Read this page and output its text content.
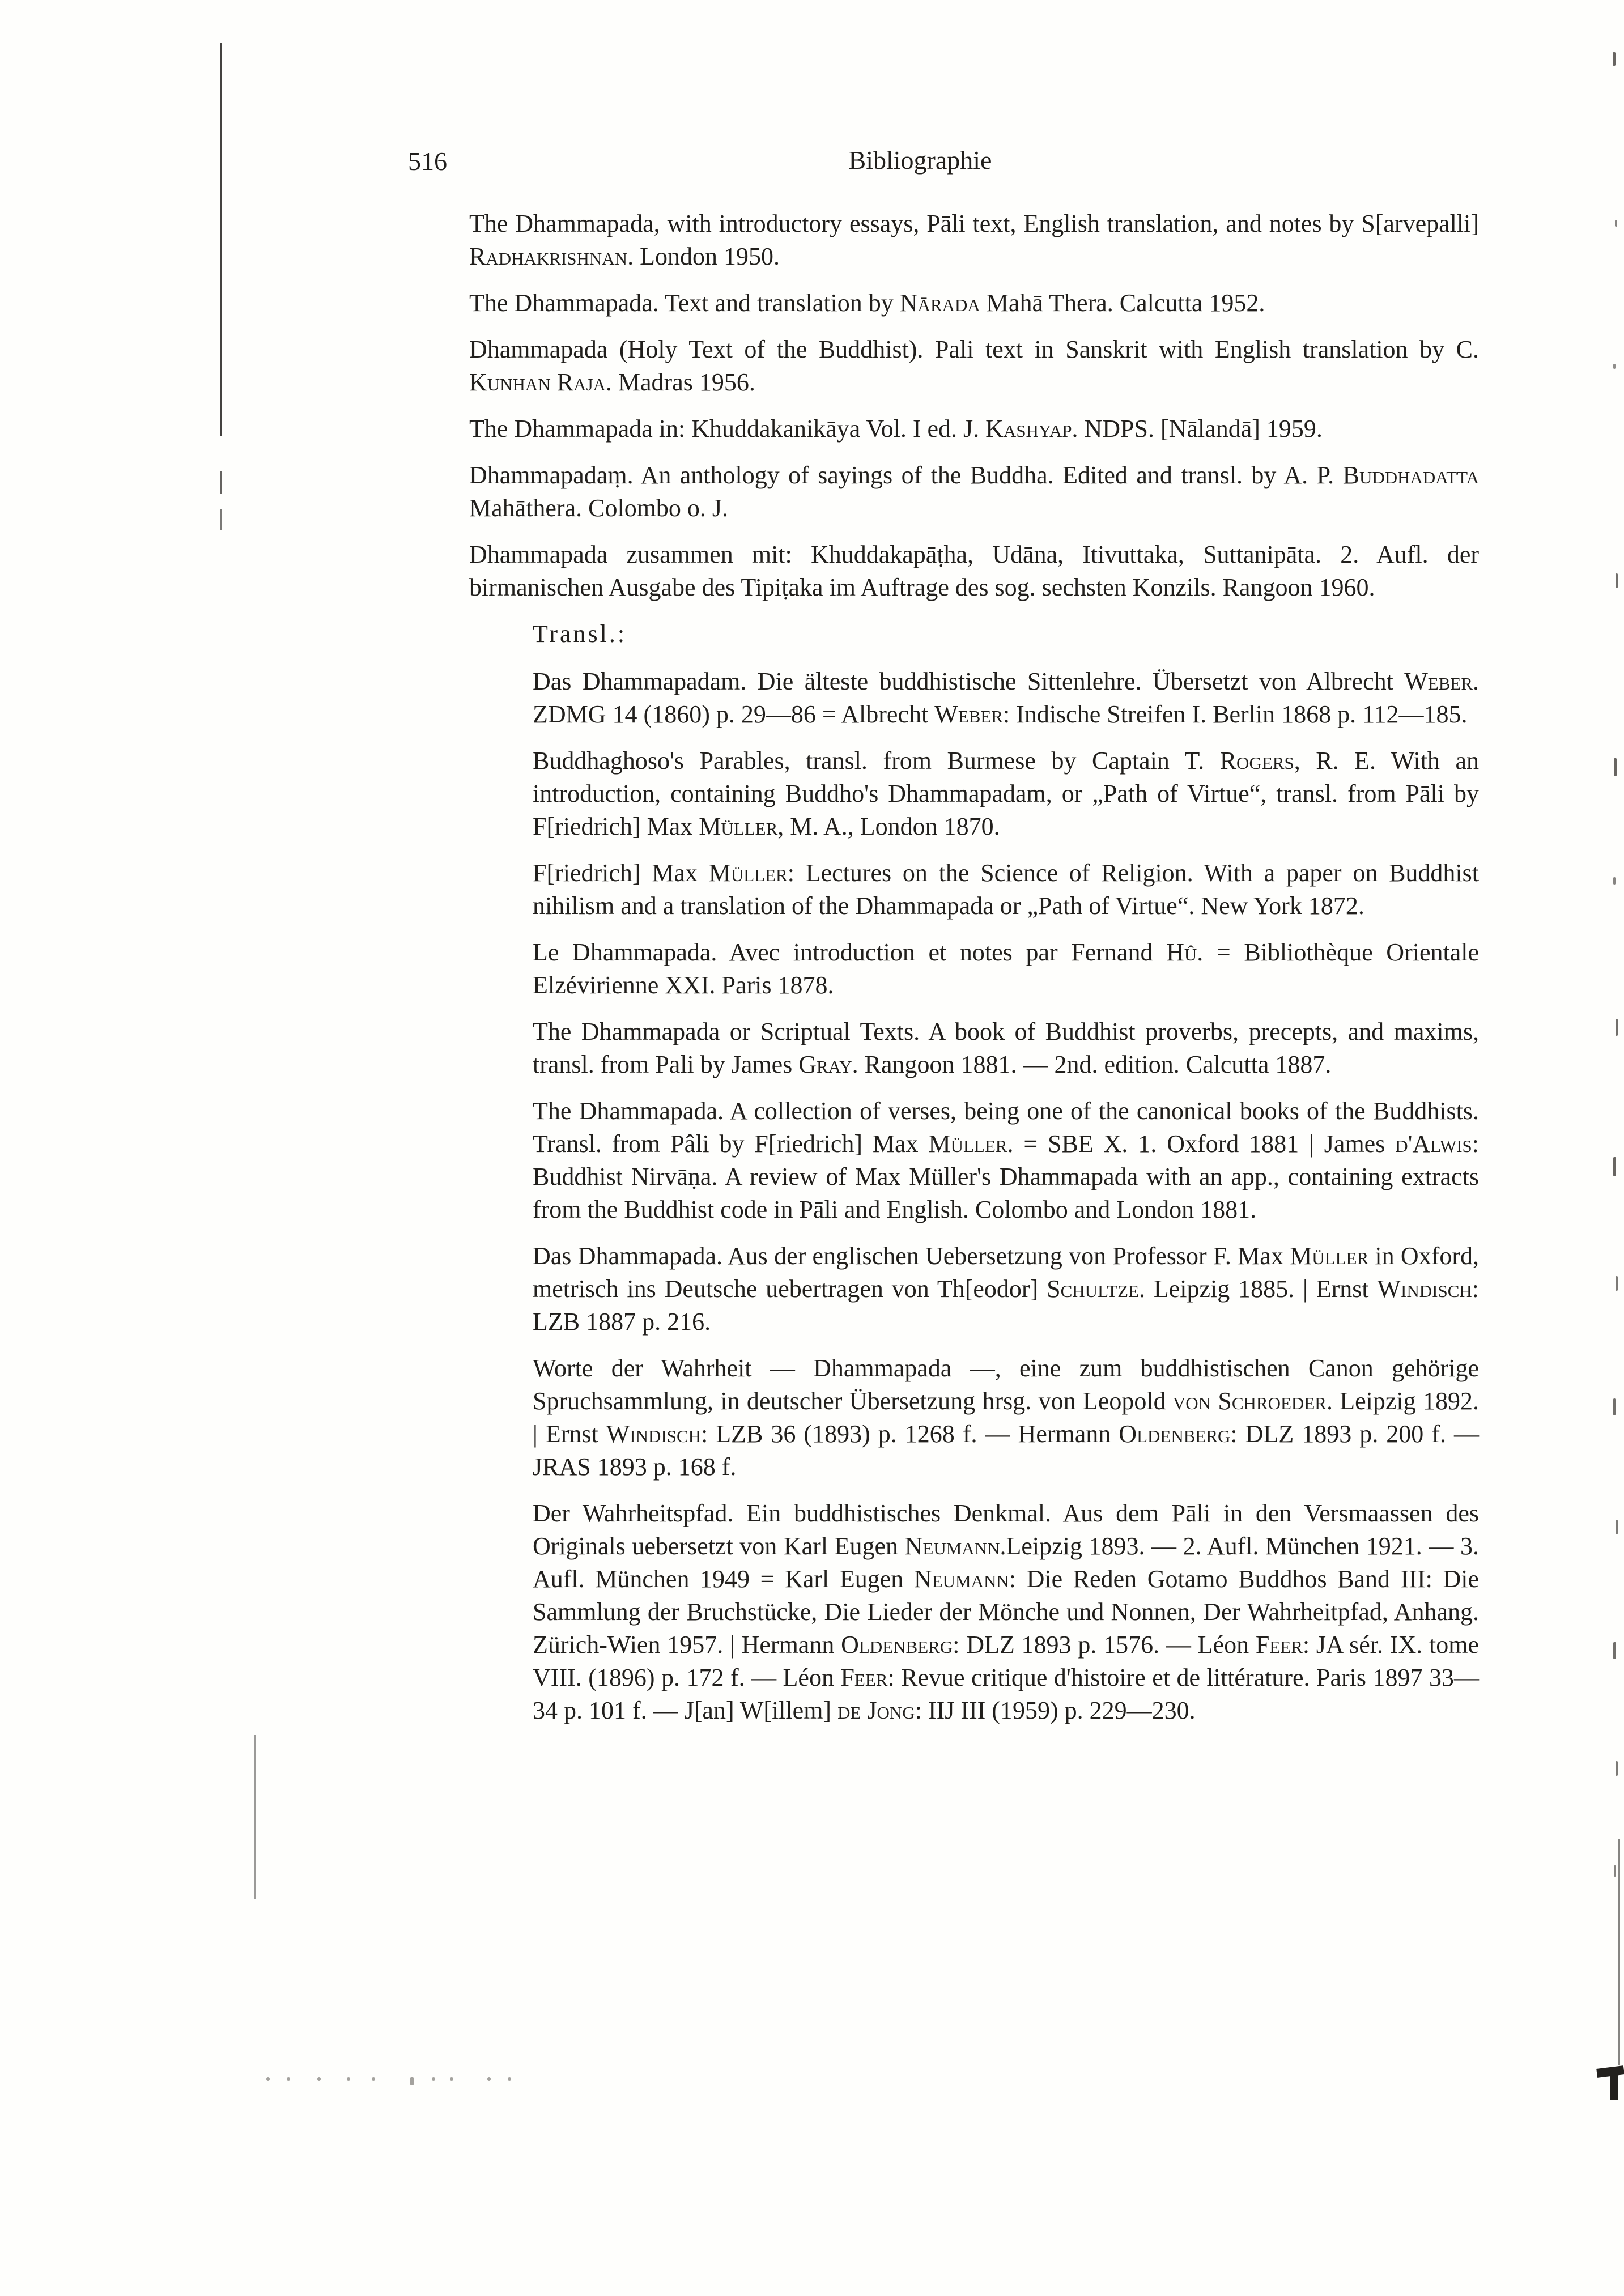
516	Bibliographie

The Dhammapada, with introductory essays, Pāli text, English translation, and notes by S[arvepalli] Radhakrishnan. London 1950.

The Dhammapada. Text and translation by Nārada Mahā Thera. Calcutta 1952.

Dhammapada (Holy Text of the Buddhist). Pali text in Sanskrit with English translation by C. Kunhan Raja. Madras 1956.

The Dhammapada in: Khuddakanikāya Vol. I ed. J. Kashyap. NDPS. [Nālandā] 1959.

Dhammapadaṃ. An anthology of sayings of the Buddha. Edited and transl. by A. P. Buddhadatta Mahāthera. Colombo o. J.

Dhammapada zusammen mit: Khuddakapāṭha, Udāna, Itivuttaka, Suttanipāta. 2. Aufl. der birmanischen Ausgabe des Tipiṭaka im Auftrage des sog. sechsten Konzils. Rangoon 1960.

Transl.:

Das Dhammapadam. Die älteste buddhistische Sittenlehre. Übersetzt von Albrecht Weber. ZDMG 14 (1860) p. 29—86 = Albrecht Weber: Indische Streifen I. Berlin 1868 p. 112—185.

Buddhaghoso's Parables, transl. from Burmese by Captain T. Rogers, R. E. With an introduction, containing Buddho's Dhammapadam, or „Path of Virtue“, transl. from Pāli by F[riedrich] Max Müller, M. A., London 1870.

F[riedrich] Max Müller: Lectures on the Science of Religion. With a paper on Buddhist nihilism and a translation of the Dhammapada or „Path of Virtue“. New York 1872.

Le Dhammapada. Avec introduction et notes par Fernand Hû. = Bibliothèque Orientale Elzévirienne XXI. Paris 1878.

The Dhammapada or Scriptual Texts. A book of Buddhist proverbs, precepts, and maxims, transl. from Pali by James Gray. Rangoon 1881. — 2nd. edition. Calcutta 1887.

The Dhammapada. A collection of verses, being one of the canonical books of the Buddhists. Transl. from Pâli by F[riedrich] Max Müller. = SBE X. 1. Oxford 1881 | James d'Alwis: Buddhist Nirvāṇa. A review of Max Müller's Dhammapada with an app., containing extracts from the Buddhist code in Pāli and English. Colombo and London 1881.

Das Dhammapada. Aus der englischen Uebersetzung von Professor F. Max Müller in Oxford, metrisch ins Deutsche uebertragen von Th[eodor] Schultze. Leipzig 1885. | Ernst Windisch: LZB 1887 p. 216.

Worte der Wahrheit — Dhammapada —, eine zum buddhistischen Canon gehörige Spruchsammlung, in deutscher Übersetzung hrsg. von Leopold von Schroeder. Leipzig 1892. | Ernst Windisch: LZB 36 (1893) p. 1268 f. — Hermann Oldenberg: DLZ 1893 p. 200 f. — JRAS 1893 p. 168 f.

Der Wahrheitspfad. Ein buddhistisches Denkmal. Aus dem Pāli in den Versmaassen des Originals uebersetzt von Karl Eugen Neumann.Leipzig 1893. — 2. Aufl. München 1921. — 3. Aufl. München 1949 = Karl Eugen Neumann: Die Reden Gotamo Buddhos Band III: Die Sammlung der Bruchstücke, Die Lieder der Mönche und Nonnen, Der Wahrheitpfad, Anhang. Zürich-Wien 1957. | Hermann Oldenberg: DLZ 1893 p. 1576. — Léon Feer: JA sér. IX. tome VIII. (1896) p. 172 f. — Léon Feer: Revue critique d'histoire et de littérature. Paris 1897 33—34 p. 101 f. — J[an] W[illem] de Jong: IIJ III (1959) p. 229—230.
